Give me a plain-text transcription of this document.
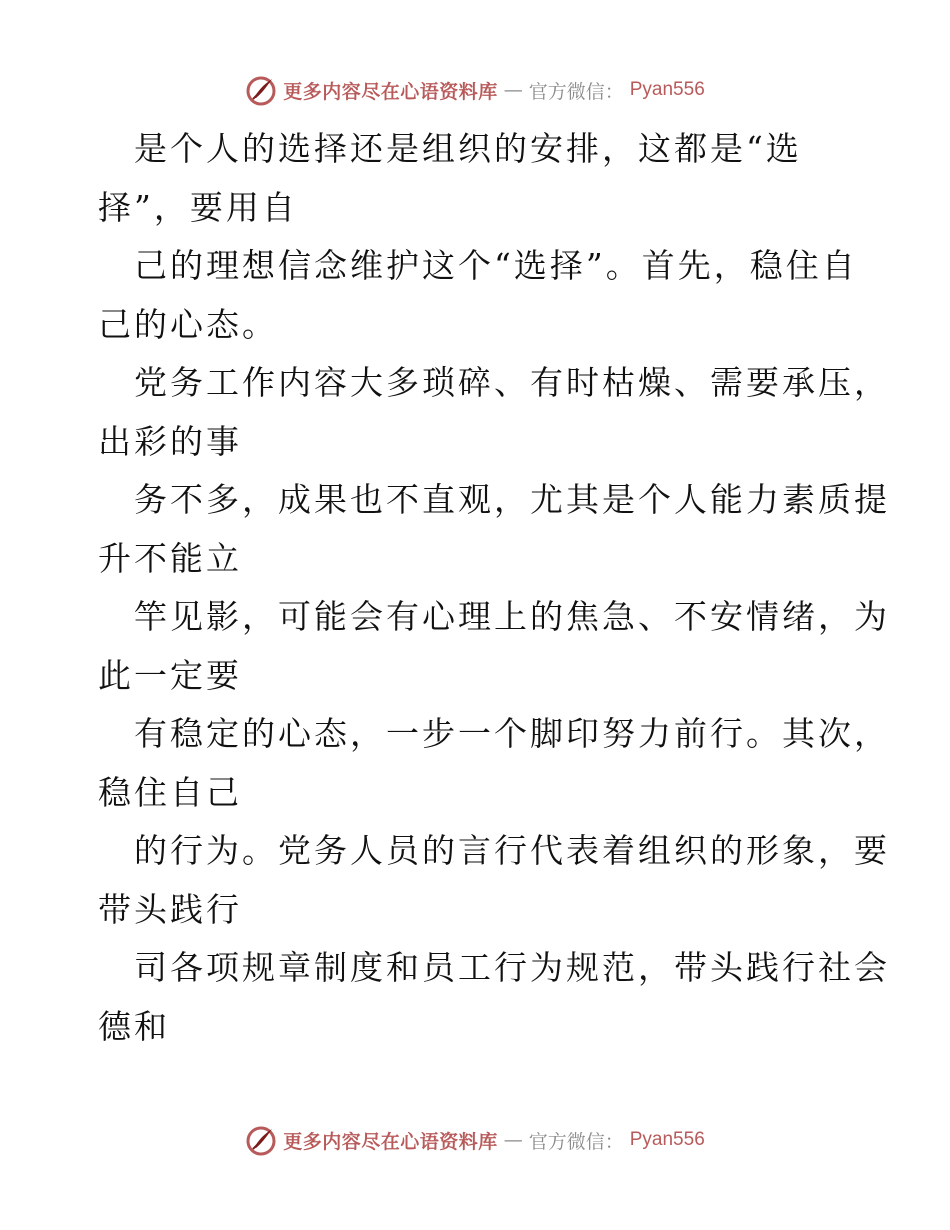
更多内容尽在心语资料库 — 官方微信： Pyan556

是个人的选择还是组织的安排，这都是“选

择”，要用自

己的理想信念维护这个“选择”。首先，稳住自

己的心态。

党务工作内容大多琐碎、有时枯燥、需要承压，

出彩的事

务不多，成果也不直观，尤其是个人能力素质提

升不能立

竿见影，可能会有心理上的焦急、不安情绪，为

此一定要

有稳定的心态，一步一个脚印努力前行。其次，

稳住自己

的行为。党务人员的言行代表着组织的形象，要

带头践行

司各项规章制度和员工行为规范，带头践行社会

德和

更多内容尽在心语资料库 — 官方微信： Pyan556
